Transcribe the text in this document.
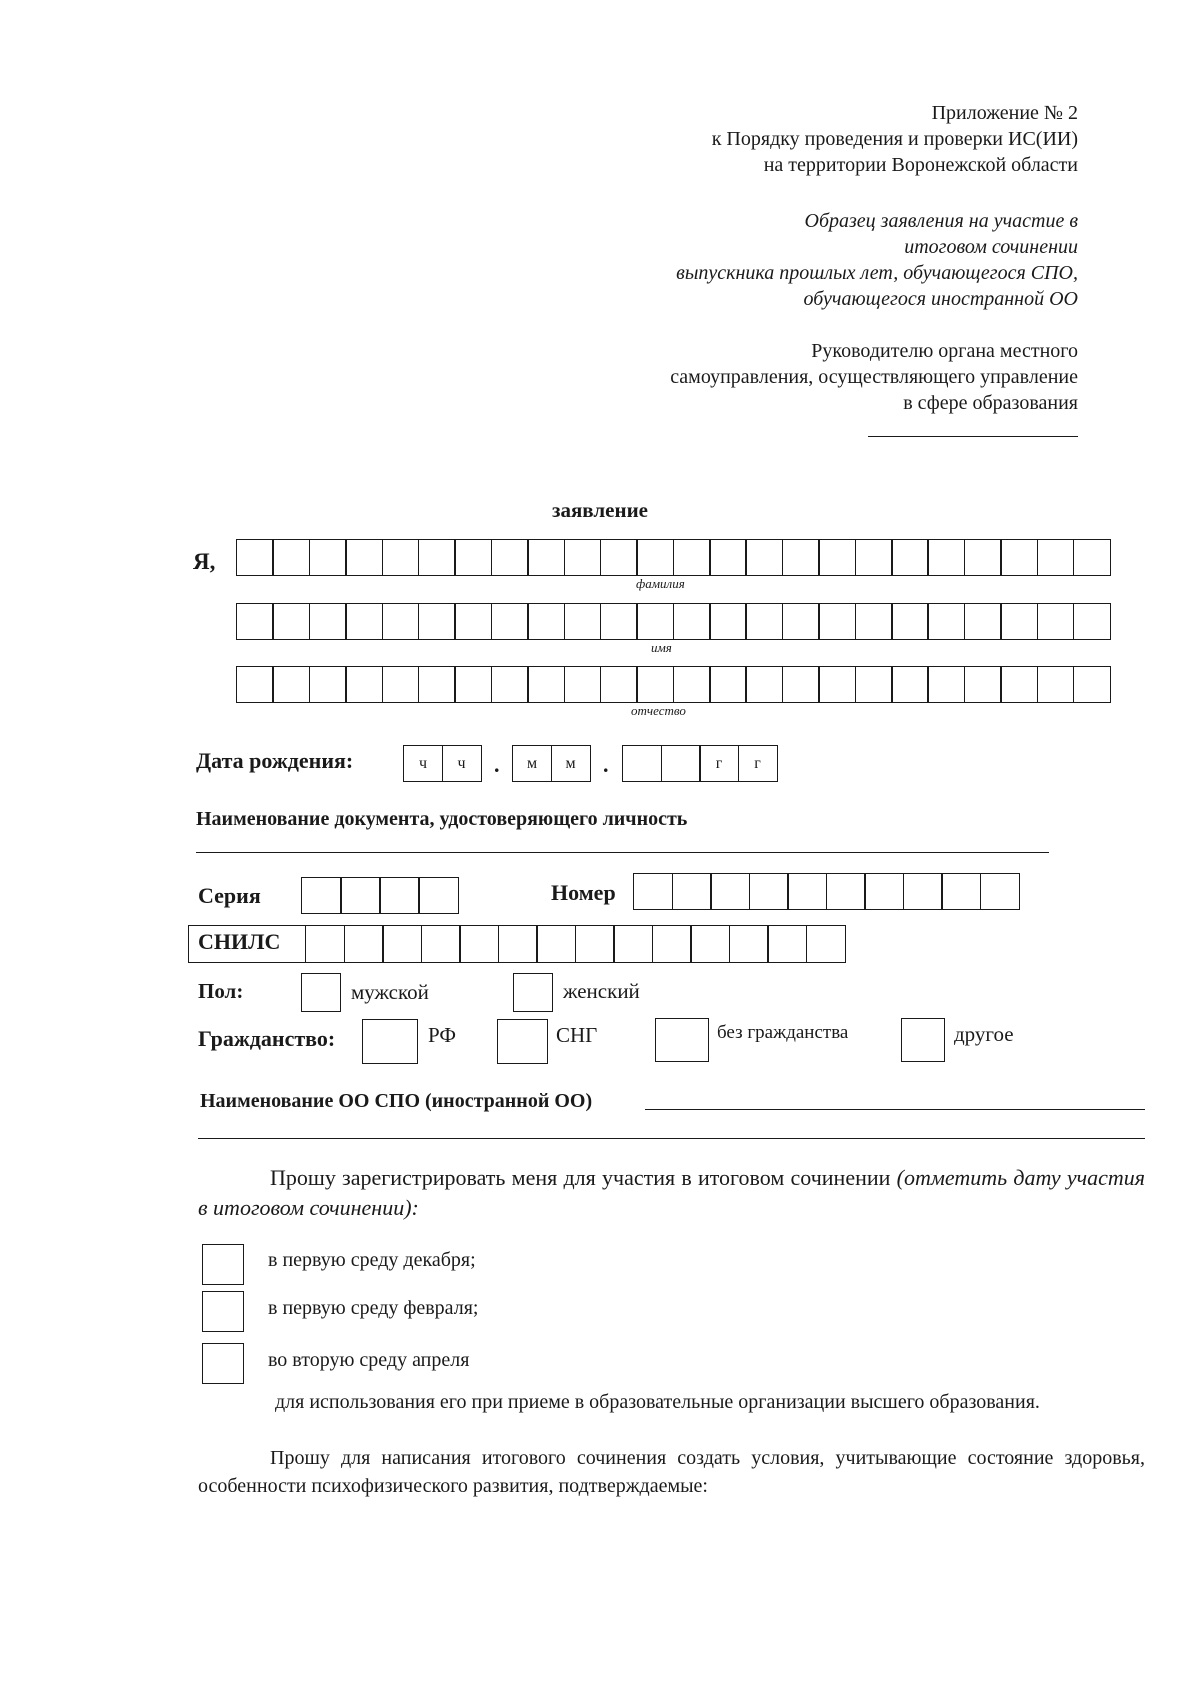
Приложение № 2
к Порядку проведения и проверки ИС(ИИ)
на территории Воронежской области
Образец заявления на участие в
итоговом сочинении
выпускника прошлых лет, обучающегося СПО,
обучающегося иностранной ОО
Руководителю органа местного
самоуправления, осуществляющего управление
в сфере образования
заявление
Я,
фамилия
имя
отчество
Дата рождения:	ч ч . м м .	г г
Наименование документа, удостоверяющего личность
Серия	Номер
СНИЛС
Пол:	мужской	женский
Гражданство:	РФ	СНГ	без гражданства	другое
Наименование ОО СПО (иностранной ОО)
Прошу зарегистрировать меня для участия в итоговом сочинении (отметить дату участия в итоговом сочинении):
в первую среду декабря;
в первую среду февраля;
во вторую среду апреля
для использования его при приеме в образовательные организации высшего образования.
Прошу для написания итогового сочинения создать условия, учитывающие состояние здоровья, особенности психофизического развития, подтверждаемые:
